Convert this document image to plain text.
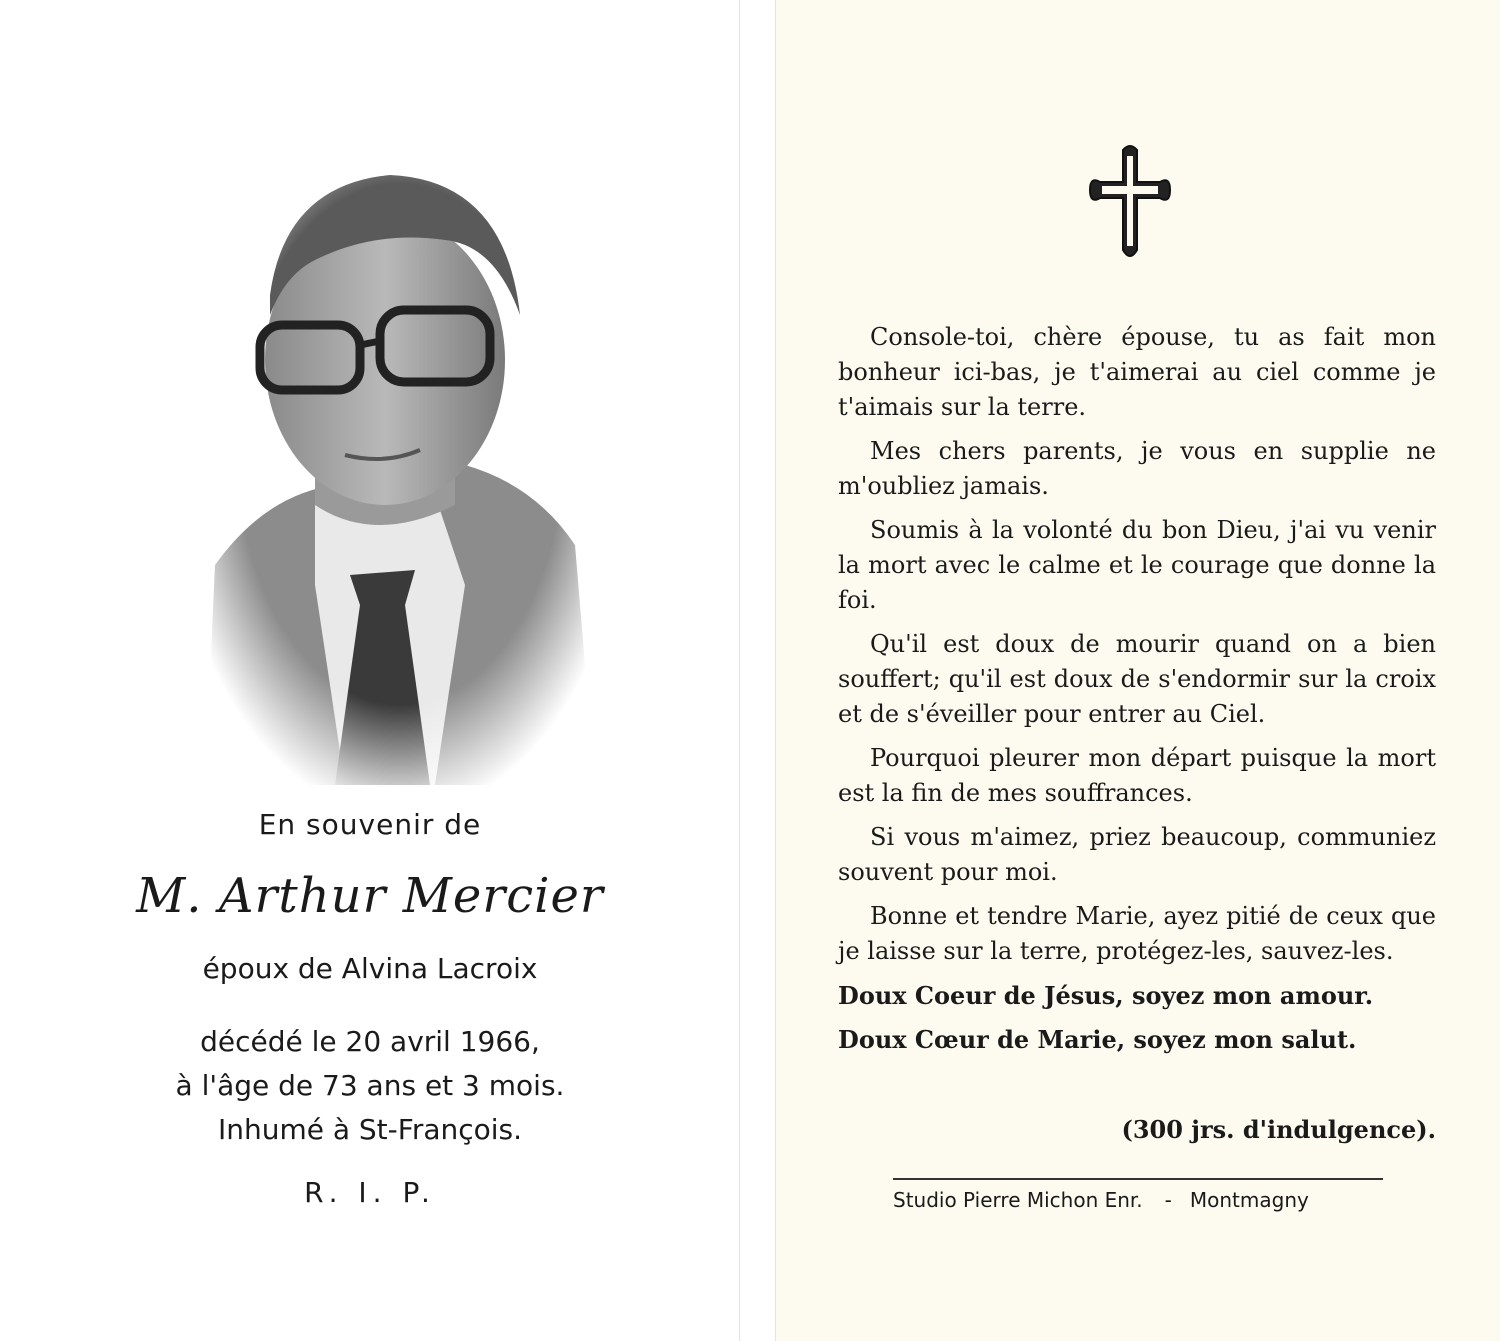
En souvenir de
M. Arthur Mercier
époux de Alvina Lacroix
décédé le 20 avril 1966,
à l'âge de 73 ans et 3 mois.
Inhumé à St-François.
R. I. P.

Console-toi, chère épouse, tu as fait mon bonheur ici-bas, je t'aimerai au ciel comme je t'aimais sur la terre.

Mes chers parents, je vous en supplie ne m'oubliez jamais.

Soumis à la volonté du bon Dieu, j'ai vu venir la mort avec le calme et le courage que donne la foi.

Qu'il est doux de mourir quand on a bien souffert; qu'il est doux de s'endormir sur la croix et de s'éveiller pour entrer au Ciel.

Pourquoi pleurer mon départ puisque la mort est la fin de mes souffrances.

Si vous m'aimez, priez beaucoup, communiez souvent pour moi.

Bonne et tendre Marie, ayez pitié de ceux que je laisse sur la terre, protégez-les, sauvez-les.

Doux Coeur de Jésus, soyez mon amour.

Doux Cœur de Marie, soyez mon salut.

(300 jrs. d'indulgence).
Studio Pierre Michon Enr. - Montmagny
